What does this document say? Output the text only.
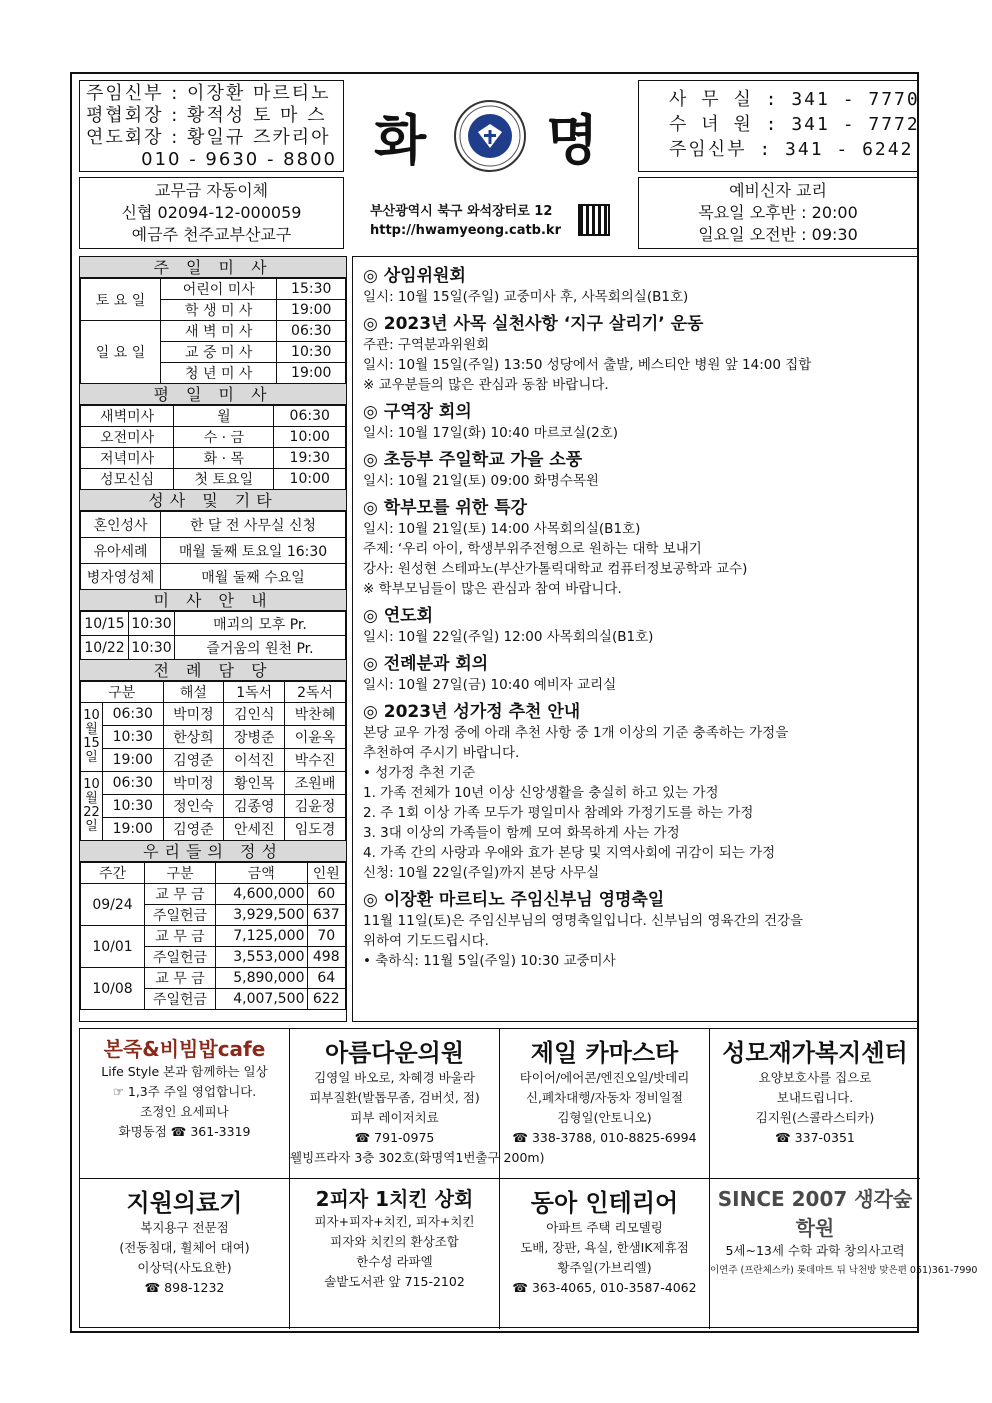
주임신부 : 이장환 마르티노
평협회장 : 황적성 토 마 스
연도회장 : 황일규 즈카리아
010 - 9630 - 8800 화 명
부산광역시 북구 와석장터로 12
http://hwamyeong.catb.kr
사 무 실 : 341 - 7770
수 녀 원 : 341 - 7772
주임신부 : 341 - 6242
교무금 자동이체
신협 02094-12-000059
예금주 천주교부산교구
예비신자 교리
목요일 오후반 : 20:00
일요일 오전반 : 09:30
주 일 미 사
토 요 일	어린이 미사	15:30
	학 생 미 사	19:00
일 요 일	새 벽 미 사	06:30
	교 중 미 사	10:30
	청 년 미 사	19:00
평 일 미 사
새벽미사	월	06:30
오전미사	수 · 금	10:00
저녁미사	화 · 목	19:30
성모신심	첫 토요일	10:00
성사 및 기타
혼인성사	한 달 전 사무실 신청
유아세례	매월 둘째 토요일 16:30
병자영성체	매월 둘째 수요일
미 사 안 내
10/15	10:30	매괴의 모후 Pr.
10/22	10:30	즐거움의 원천 Pr.
전 례 담 당
구분		해설	1독서	2독서
10월15일	06:30	박미정	김인식	박찬혜
	10:30	한상희	장병준	이윤옥
	19:00	김영준	이석진	박수진
10월22일	06:30	박미정	황인목	조원배
	10:30	정인숙	김종영	김윤정
	19:00	김영준	안세진	임도경
우리들의 정성
주간	구분	금액	인원
09/24	교 무 금	4,600,000	60
	주일헌금	3,929,500	637
10/01	교 무 금	7,125,000	70
	주일헌금	3,553,000	498
10/08	교 무 금	5,890,000	64
	주일헌금	4,007,500	622
◎ 상임위원회
일시: 10월 15일(주일) 교중미사 후, 사목회의실(B1호)
◎ 2023년 사목 실천사항 ‘지구 살리기’ 운동
주관: 구역분과위원회
일시: 10월 15일(주일) 13:50 성당에서 출발, 베스티안 병원 앞 14:00 집합
※ 교우분들의 많은 관심과 동참 바랍니다.
◎ 구역장 회의
일시: 10월 17일(화) 10:40 마르코실(2호)
◎ 초등부 주일학교 가을 소풍
일시: 10월 21일(토) 09:00 화명수목원
◎ 학부모를 위한 특강
일시: 10월 21일(토) 14:00 사목회의실(B1호)
주제: ‘우리 아이, 학생부위주전형으로 원하는 대학 보내기
강사: 원성현 스테파노(부산가톨릭대학교 컴퓨터정보공학과 교수)
※ 학부모님들이 많은 관심과 참여 바랍니다.
◎ 연도회
일시: 10월 22일(주일) 12:00 사목회의실(B1호)
◎ 전례분과 회의
일시: 10월 27일(금) 10:40 예비자 교리실
◎ 2023년 성가정 추천 안내
본당 교우 가정 중에 아래 추천 사항 중 1개 이상의 기준 충족하는 가정을
추천하여 주시기 바랍니다.
• 성가정 추천 기준
1. 가족 전체가 10년 이상 신앙생활을 충실히 하고 있는 가정
2. 주 1회 이상 가족 모두가 평일미사 참례와 가정기도를 하는 가정
3. 3대 이상의 가족들이 함께 모여 화목하게 사는 가정
4. 가족 간의 사랑과 우애와 효가 본당 및 지역사회에 귀감이 되는 가정
신청: 10월 22일(주일)까지 본당 사무실
◎ 이장환 마르티노 주임신부님 영명축일
11월 11일(토)은 주임신부님의 영명축일입니다. 신부님의 영육간의 건강을
위하여 기도드립시다.
• 축하식: 11월 5일(주일) 10:30 교중미사
본죽&비빔밥cafe
Life Style 본과 함께하는 일상
☞ 1,3주 주일 영업합니다.
조정인 요세피나
화명동점 ☎ 361-3319
아름다운의원
김영일 바오로, 차혜경 바울라
피부질환(발톱무좀, 검버섯, 점)
피부 레이저치료
☎ 791-0975
웰빙프라자 3층 302호(화명역1번출구 200m)
제일 카마스타
타이어/에어콘/엔진오일/밧데리
신,폐차대행/자동차 정비일절
김형일(안토니오)
☎ 338-3788, 010-8825-6994
성모재가복지센터
요양보호사를 집으로
보내드립니다.
김지원(스콜라스티카)
☎ 337-0351
지원의료기
복지용구 전문점
(전동침대, 휠체어 대여)
이상덕(사도요한)
☎ 898-1232
2피자 1치킨 상회
피자+피자+치킨, 피자+치킨
피자와 치킨의 환상조합
한수성 라파엘
솔밭도서관 앞 715-2102
동아 인테리어
아파트 주택 리모델링
도배, 장판, 욕실, 한샘IK제휴점
황주일(가브리엘)
☎ 363-4065, 010-3587-4062
SINCE 2007 생각숲 학원
5세~13세 수학 과학 창의사고력
이연주 (프란체스카) 롯데마트 뒤 낙천방 맞은편 051)361-7990
